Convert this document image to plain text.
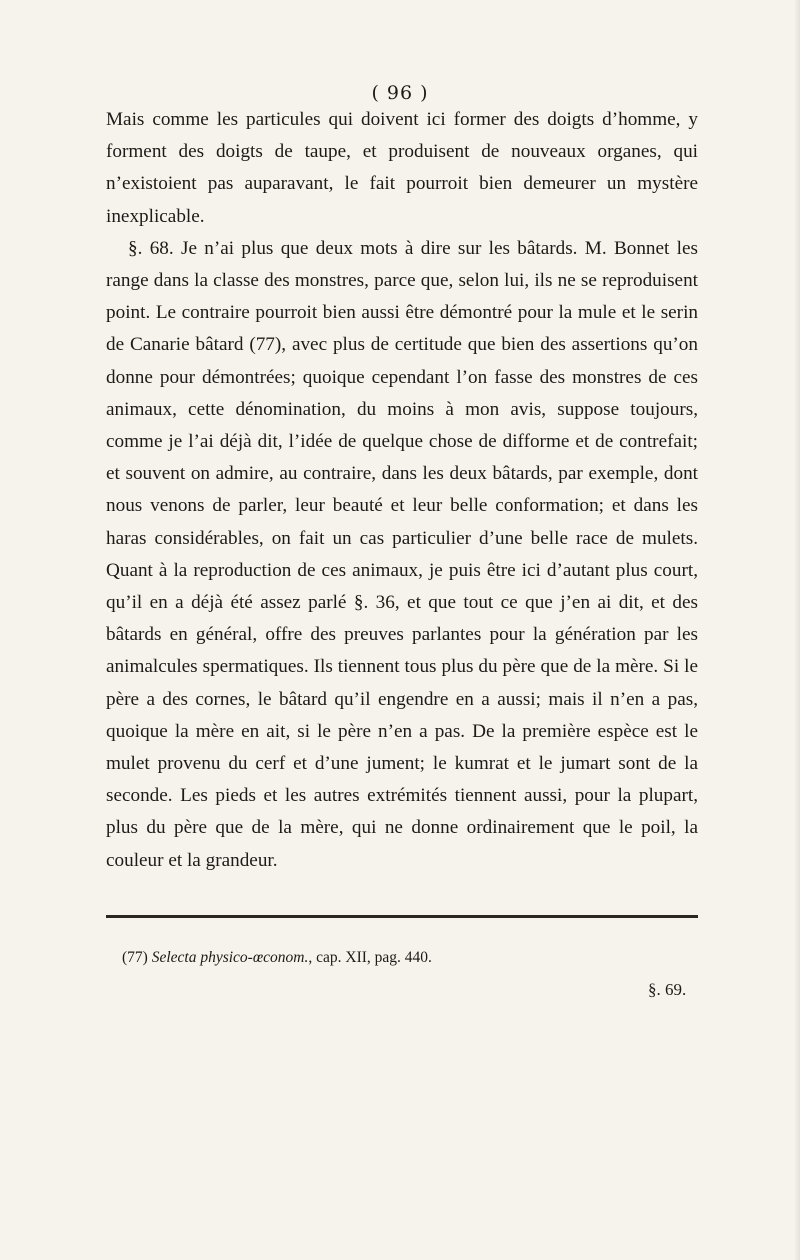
( 96 )

Mais comme les particules qui doivent ici former des doigts d’homme, y forment des doigts de taupe, et produisent de nouveaux organes, qui n’existoient pas auparavant, le fait pourroit bien demeurer un mystère inexplicable.

§. 68. Je n’ai plus que deux mots à dire sur les bâtards. M. Bonnet les range dans la classe des monstres, parce que, selon lui, ils ne se reproduisent point. Le contraire pourroit bien aussi être démontré pour la mule et le serin de Canarie bâtard (77), avec plus de certitude que bien des assertions qu’on donne pour démontrées; quoique cependant l’on fasse des monstres de ces animaux, cette dénomination, du moins à mon avis, suppose toujours, comme je l’ai déjà dit, l’idée de quelque chose de difforme et de contrefait; et souvent on admire, au contraire, dans les deux bâtards, par exemple, dont nous venons de parler, leur beauté et leur belle conformation; et dans les haras considérables, on fait un cas particulier d’une belle race de mulets. Quant à la reproduction de ces animaux, je puis être ici d’autant plus court, qu’il en a déjà été assez parlé §. 36, et que tout ce que j’en ai dit, et des bâtards en général, offre des preuves parlantes pour la génération par les animalcules spermatiques. Ils tiennent tous plus du père que de la mère. Si le père a des cornes, le bâtard qu’il engendre en a aussi; mais il n’en a pas, quoique la mère en ait, si le père n’en a pas. De la première espèce est le mulet provenu du cerf et d’une jument; le kumrat et le jumart sont de la seconde. Les pieds et les autres extrémités tiennent aussi, pour la plupart, plus du père que de la mère, qui ne donne ordinairement que le poil, la couleur et la grandeur.

(77) Selecta physico-œconom., cap. XII, pag. 440.
§. 69.
